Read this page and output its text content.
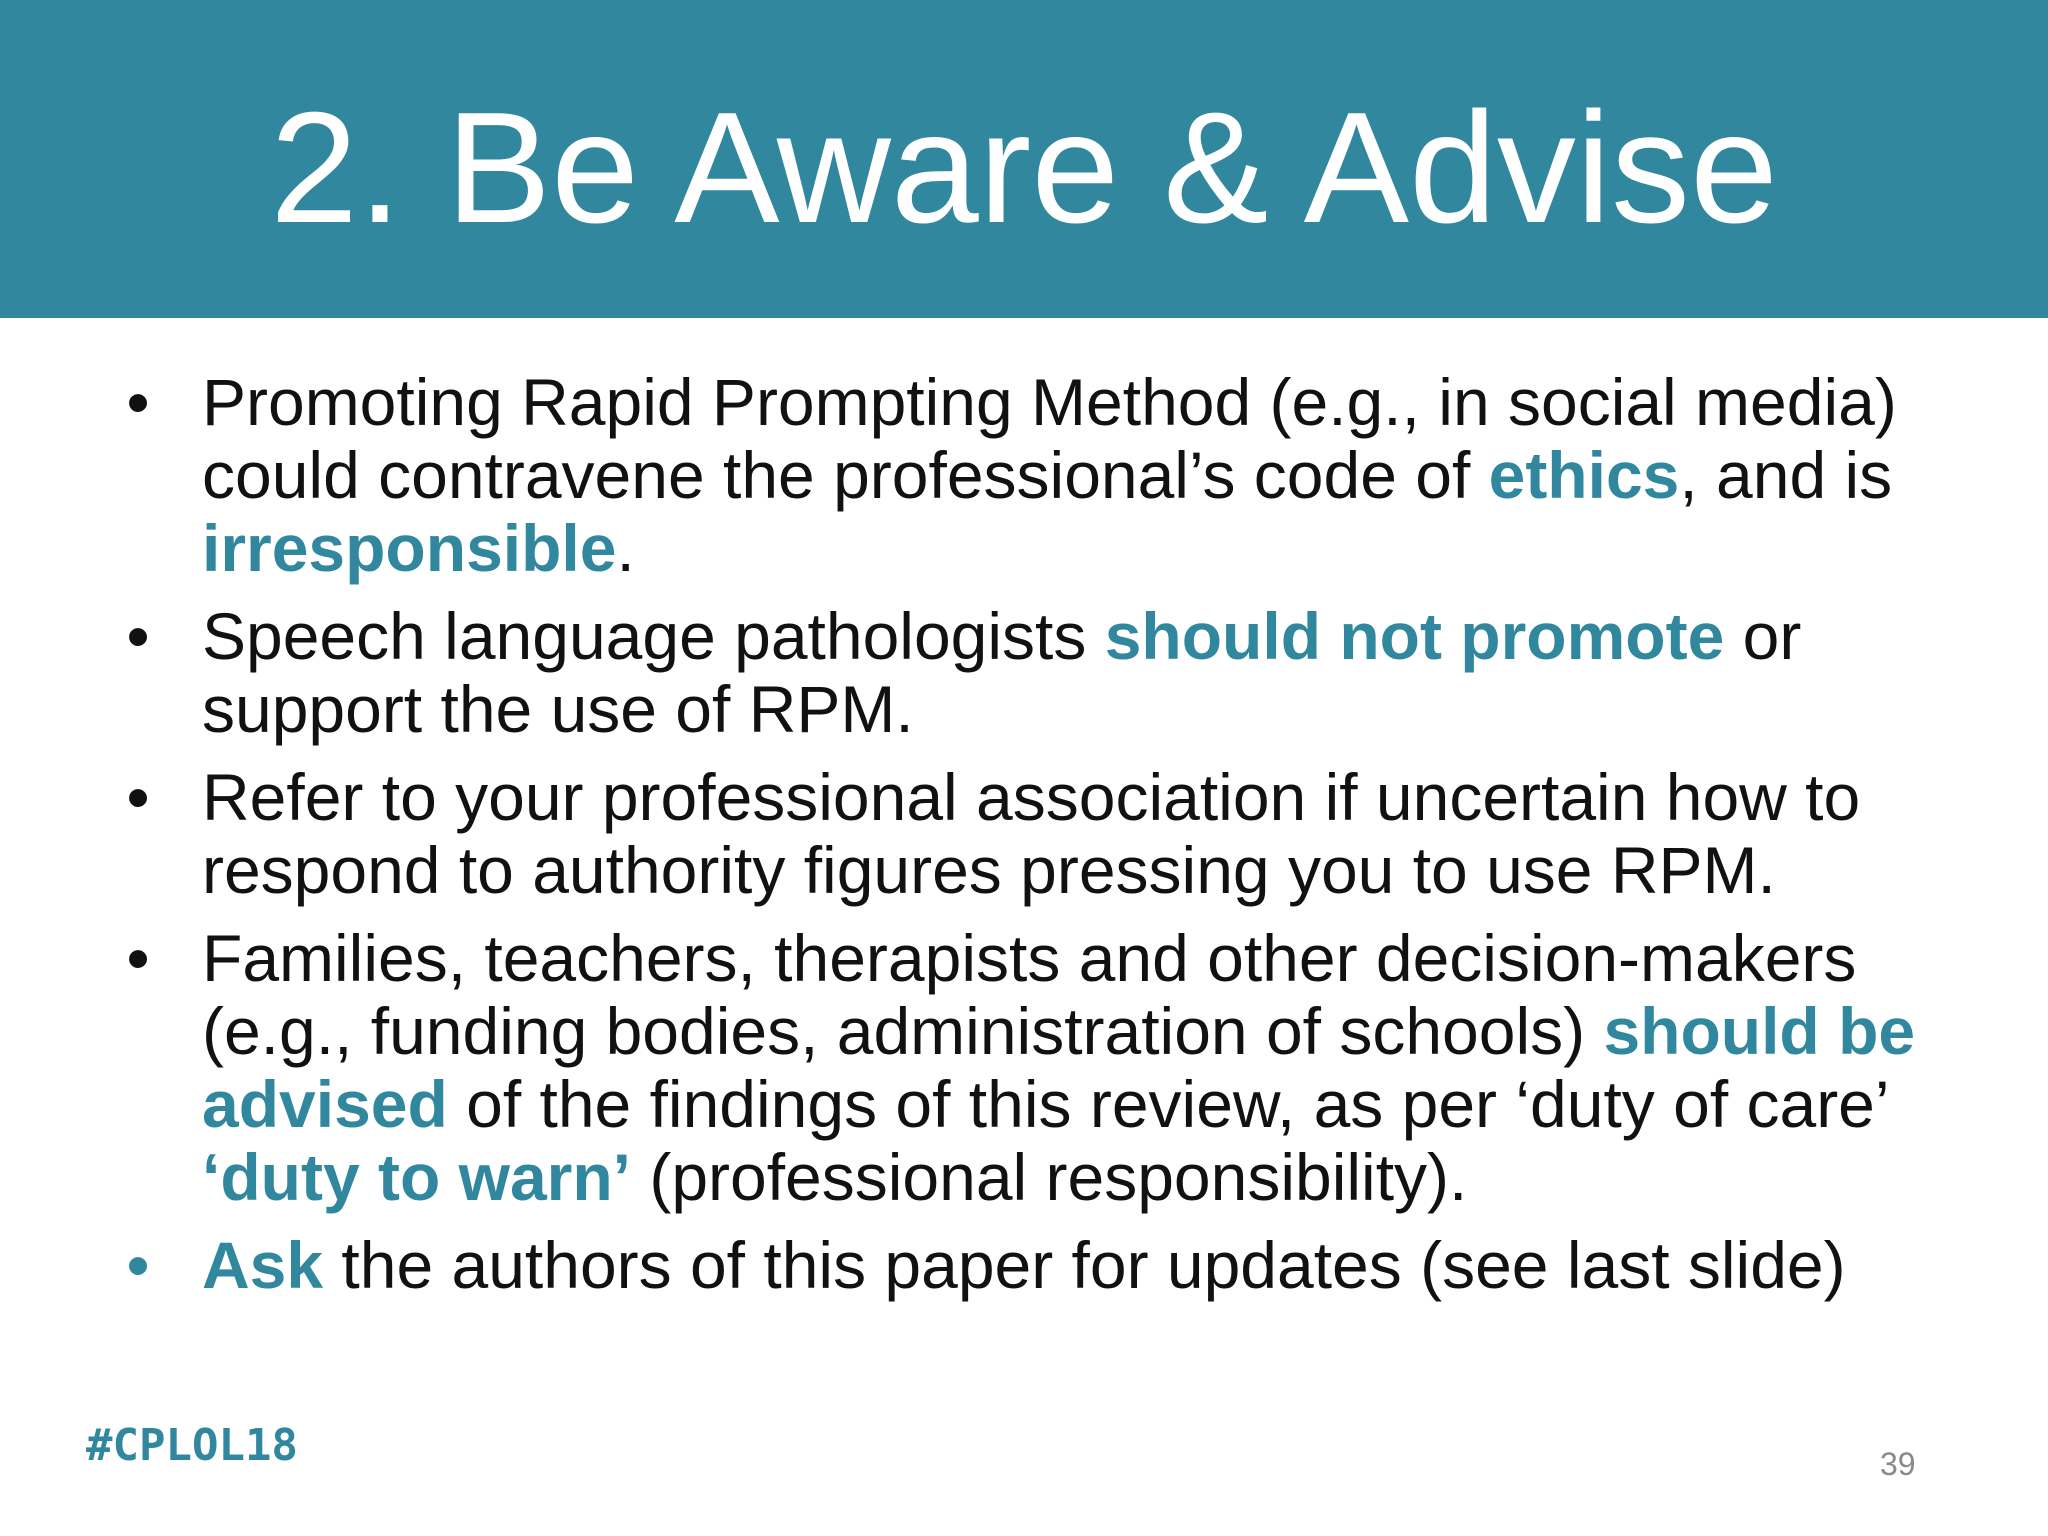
2. Be Aware & Advise
• Promoting Rapid Prompting Method (e.g., in social media) could contravene the professional’s code of ethics, and is irresponsible.
• Speech language pathologists should not promote or support the use of RPM.
• Refer to your professional association if uncertain how to respond to authority figures pressing you to use RPM.
• Families, teachers, therapists and other decision-makers (e.g., funding bodies, administration of schools) should be advised of the findings of this review, as per ‘duty of care’ ‘duty to warn’ (professional responsibility).
• Ask the authors of this paper for updates (see last slide)
#CPLOL18	39
